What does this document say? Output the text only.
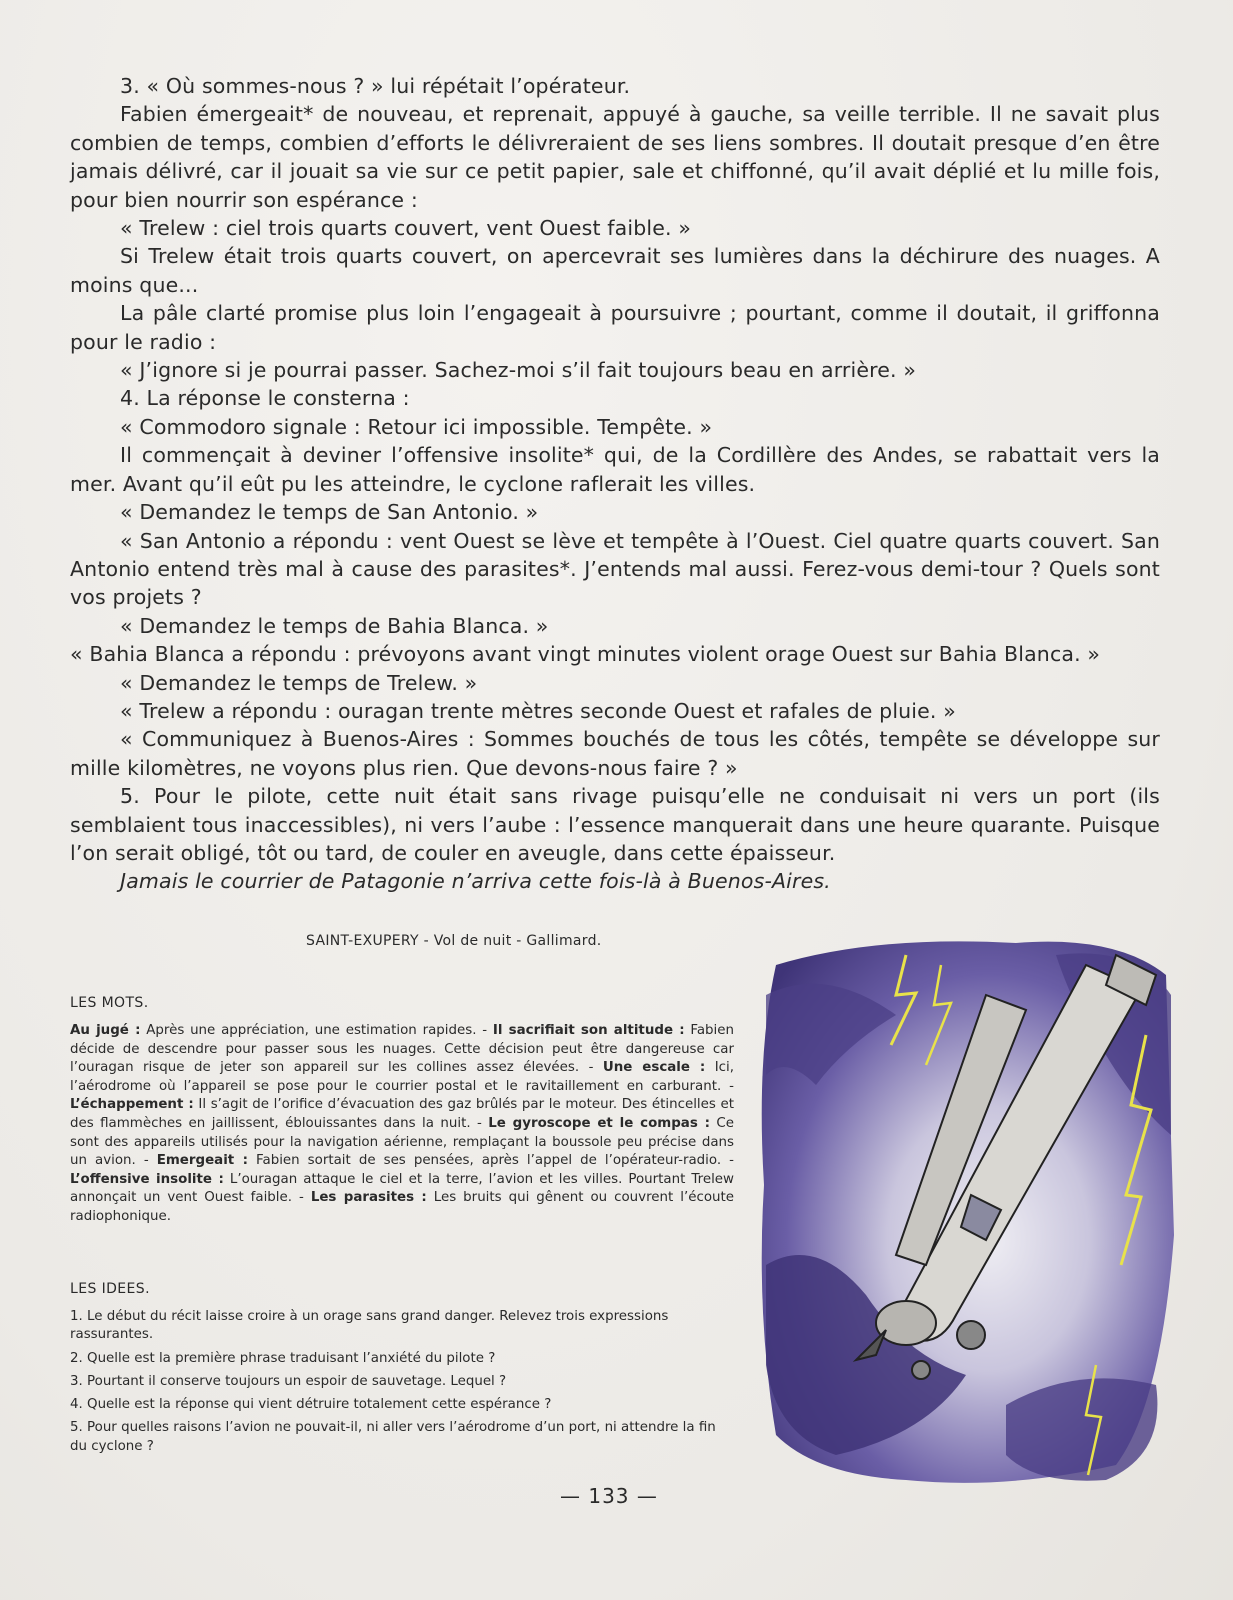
3. « Où sommes-nous ? » lui répétait l’opérateur.

Fabien émergeait* de nouveau, et reprenait, appuyé à gauche, sa veille terrible. Il ne savait plus combien de temps, combien d’efforts le délivreraient de ses liens sombres. Il doutait presque d’en être jamais délivré, car il jouait sa vie sur ce petit papier, sale et chiffonné, qu’il avait déplié et lu mille fois, pour bien nourrir son espérance :

« Trelew : ciel trois quarts couvert, vent Ouest faible. »

Si Trelew était trois quarts couvert, on apercevrait ses lumières dans la déchirure des nuages. A moins que...

La pâle clarté promise plus loin l’engageait à poursuivre ; pourtant, comme il doutait, il griffonna pour le radio :

« J’ignore si je pourrai passer. Sachez-moi s’il fait toujours beau en arrière. »

4. La réponse le consterna :

« Commodoro signale : Retour ici impossible. Tempête. »

Il commençait à deviner l’offensive insolite* qui, de la Cordillère des Andes, se rabattait vers la mer. Avant qu’il eût pu les atteindre, le cyclone raflerait les villes.

« Demandez le temps de San Antonio. »

« San Antonio a répondu : vent Ouest se lève et tempête à l’Ouest. Ciel quatre quarts couvert. San Antonio entend très mal à cause des parasites*. J’entends mal aussi. Ferez-vous demi-tour ? Quels sont vos projets ?

« Demandez le temps de Bahia Blanca. »

« Bahia Blanca a répondu : prévoyons avant vingt minutes violent orage Ouest sur Bahia Blanca. »

« Demandez le temps de Trelew. »

« Trelew a répondu : ouragan trente mètres seconde Ouest et rafales de pluie. »

« Communiquez à Buenos-Aires : Sommes bouchés de tous les côtés, tempête se développe sur mille kilomètres, ne voyons plus rien. Que devons-nous faire ? »

5. Pour le pilote, cette nuit était sans rivage puisqu’elle ne conduisait ni vers un port (ils semblaient tous inaccessibles), ni vers l’aube : l’essence manquerait dans une heure quarante. Puisque l’on serait obligé, tôt ou tard, de couler en aveugle, dans cette épaisseur.

Jamais le courrier de Patagonie n’arriva cette fois-là à Buenos-Aires.

SAINT-EXUPERY - Vol de nuit - Gallimard.
LES MOTS.
Au jugé : Après une appréciation, une estimation rapides. - Il sacrifiait son altitude : Fabien décide de descendre pour passer sous les nuages. Cette décision peut être dangereuse car l’ouragan risque de jeter son appareil sur les collines assez élevées. - Une escale : Ici, l’aérodrome où l’appareil se pose pour le courrier postal et le ravitaillement en carburant. - L’échappement : Il s’agit de l’orifice d’évacuation des gaz brûlés par le moteur. Des étincelles et des flammèches en jaillissent, éblouissantes dans la nuit. - Le gyroscope et le compas : Ce sont des appareils utilisés pour la navigation aérienne, remplaçant la boussole peu précise dans un avion. - Emergeait : Fabien sortait de ses pensées, après l’appel de l’opérateur-radio. - L’offensive insolite : L’ouragan attaque le ciel et la terre, l’avion et les villes. Pourtant Trelew annonçait un vent Ouest faible. - Les parasites : Les bruits qui gênent ou couvrent l’écoute radiophonique.
LES IDEES.

1. Le début du récit laisse croire à un orage sans grand danger. Relevez trois expressions rassurantes.

2. Quelle est la première phrase traduisant l’anxiété du pilote ?

3. Pourtant il conserve toujours un espoir de sauvetage. Lequel ?

4. Quelle est la réponse qui vient détruire totalement cette espérance ?

5. Pour quelles raisons l’avion ne pouvait-il, ni aller vers l’aérodrome d’un port, ni attendre la fin du cyclone ?

— 133 —
